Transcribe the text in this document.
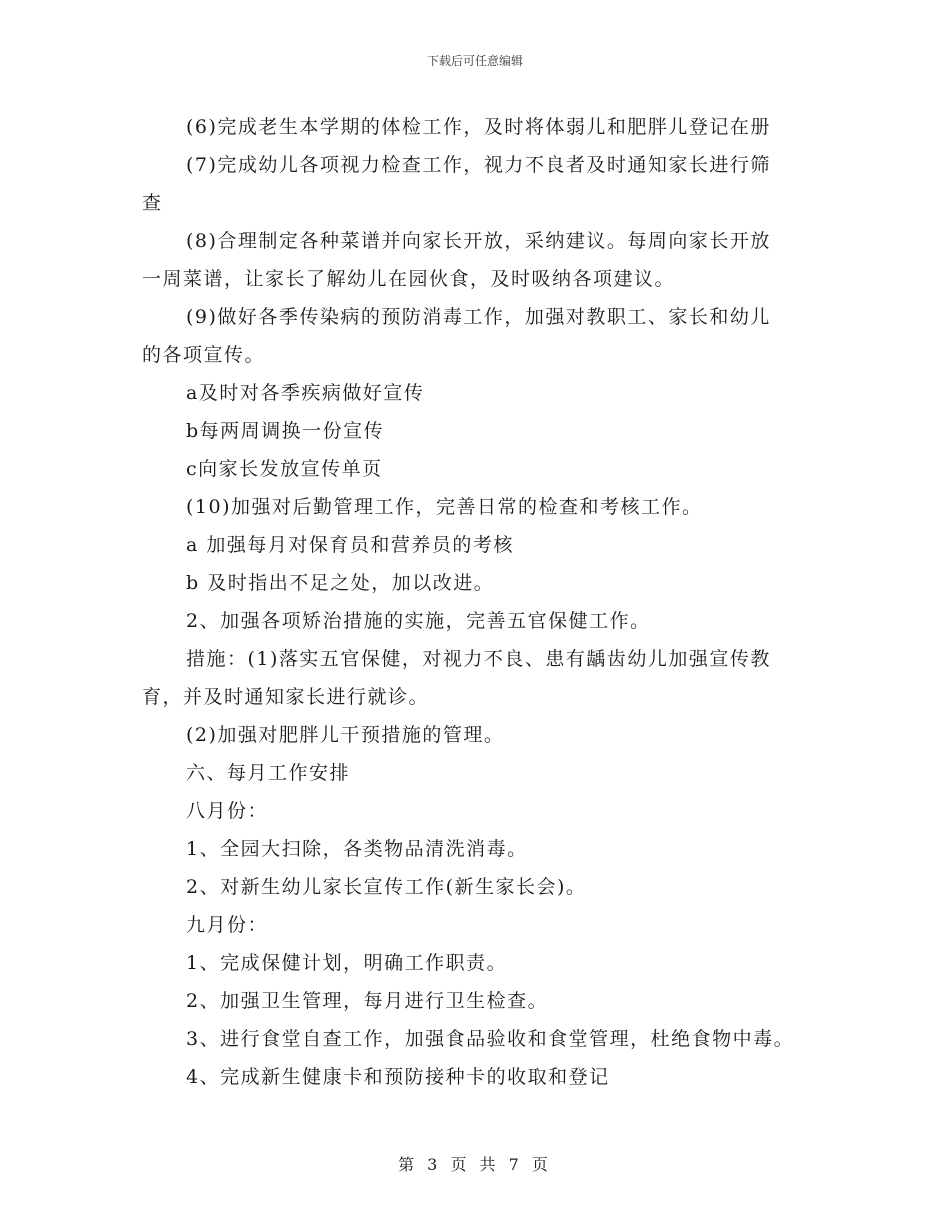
下载后可任意编辑
(6)完成老生本学期的体检工作，及时将体弱儿和肥胖儿登记在册
(7)完成幼儿各项视力检查工作，视力不良者及时通知家长进行筛
查
(8)合理制定各种菜谱并向家长开放，采纳建议。每周向家长开放
一周菜谱，让家长了解幼儿在园伙食，及时吸纳各项建议。
(9)做好各季传染病的预防消毒工作，加强对教职工、家长和幼儿
的各项宣传。
a及时对各季疾病做好宣传
b每两周调换一份宣传
c向家长发放宣传单页
(10)加强对后勤管理工作，完善日常的检查和考核工作。
a 加强每月对保育员和营养员的考核
b 及时指出不足之处，加以改进。
2、加强各项矫治措施的实施，完善五官保健工作。
措施：(1)落实五官保健，对视力不良、患有龋齿幼儿加强宣传教
育，并及时通知家长进行就诊。
(2)加强对肥胖儿干预措施的管理。
六、每月工作安排
八月份：
1、全园大扫除，各类物品清洗消毒。
2、对新生幼儿家长宣传工作(新生家长会)。
九月份：
1、完成保健计划，明确工作职责。
2、加强卫生管理，每月进行卫生检查。
3、进行食堂自查工作，加强食品验收和食堂管理，杜绝食物中毒。
4、完成新生健康卡和预防接种卡的收取和登记
第 3 页 共 7 页
